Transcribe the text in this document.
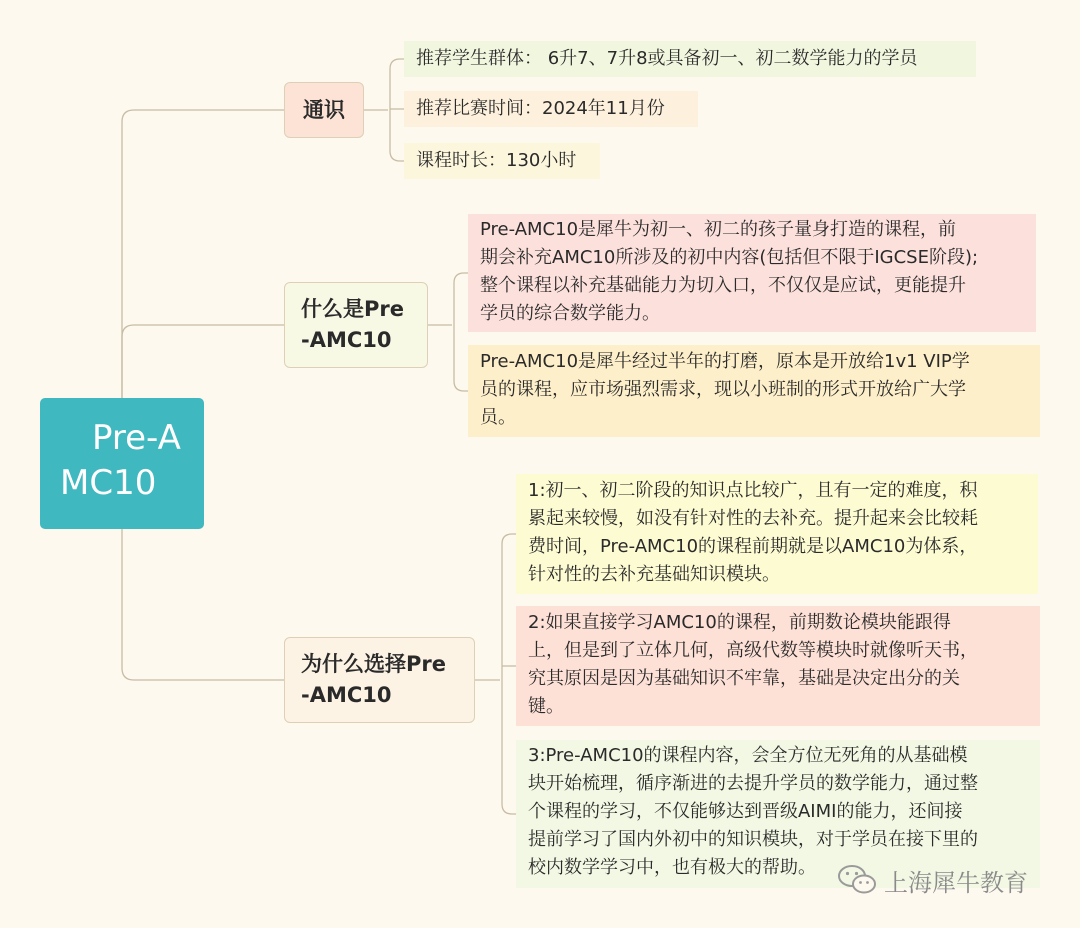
Pre-A
MC10
通识
什么是Pre
-AMC10
为什么选择Pre
-AMC10
推荐学生群体： 6升7、7升8或具备初一、初二数学能力的学员
推荐比赛时间：2024年11月份
课程时长：130小时
Pre-AMC10是犀牛为初一、初二的孩子量身打造的课程，前
期会补充AMC10所涉及的初中内容(包括但不限于IGCSE阶段);
整个课程以补充基础能力为切入口，不仅仅是应试，更能提升
学员的综合数学能力。
Pre-AMC10是犀牛经过半年的打磨，原本是开放给1v1 VIP学
员的课程，应市场强烈需求，现以小班制的形式开放给广大学
员。
1:初一、初二阶段的知识点比较广，且有一定的难度，积
累起来较慢，如没有针对性的去补充。提升起来会比较耗
费时间，Pre-AMC10的课程前期就是以AMC10为体系，
针对性的去补充基础知识模块。
2:如果直接学习AMC10的课程，前期数论模块能跟得
上，但是到了立体几何，高级代数等模块时就像听天书，
究其原因是因为基础知识不牢靠，基础是决定出分的关
键。
3:Pre-AMC10的课程内容，会全方位无死角的从基础模
块开始梳理，循序渐进的去提升学员的数学能力，通过整
个课程的学习，不仅能够达到晋级AIMI的能力，还间接
提前学习了国内外初中的知识模块，对于学员在接下里的
校内数学学习中，也有极大的帮助。
上海犀牛教育
